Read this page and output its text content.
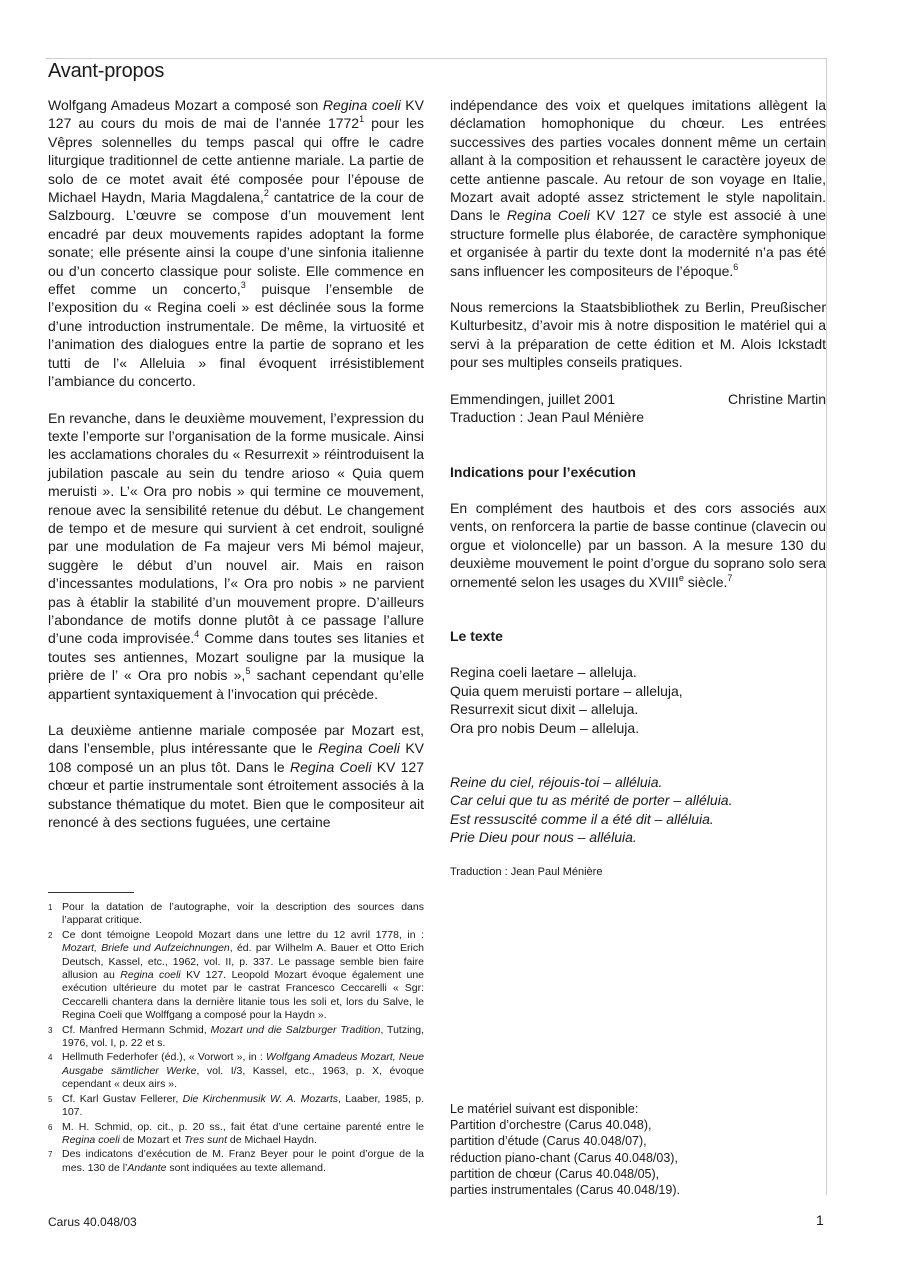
Avant-propos

Wolfgang Amadeus Mozart a composé son Regina coeli KV 127 au cours du mois de mai de l’année 1772$^1$ pour les Vêpres solennelles du temps pascal qui offre le cadre liturgique traditionnel de cette antienne mariale. La partie de solo de ce motet avait été composée pour l’épouse de Michael Haydn, Maria Magdalena,$^2$ cantatrice de la cour de Salzbourg. L’œuvre se compose d’un mouvement lent encadré par deux mouvements rapides adoptant la forme sonate; elle présente ainsi la coupe d’une sinfonia italienne ou d’un concerto classique pour soliste. Elle commence en effet comme un concerto,$^3$ puisque l’ensemble de l’exposition du « Regina coeli » est déclinée sous la forme d’une introduction instrumentale. De même, la virtuosité et l’animation des dialogues entre la partie de soprano et les tutti de l’« Alleluia » final évoquent irrésistiblement l’ambiance du concerto.

En revanche, dans le deuxième mouvement, l’expression du texte l’emporte sur l’organisation de la forme musicale. Ainsi les acclamations chorales du « Resurrexit » réintroduisent la jubilation pascale au sein du tendre arioso « Quia quem meruisti ». L’« Ora pro nobis » qui termine ce mouvement, renoue avec la sensibilité retenue du début. Le changement de tempo et de mesure qui survient à cet endroit, souligné par une modulation de Fa majeur vers Mi bémol majeur, suggère le début d’un nouvel air. Mais en raison d’incessantes modulations, l’« Ora pro nobis » ne parvient pas à établir la stabilité d’un mouvement propre. D’ailleurs l’abondance de motifs donne plutôt à ce passage l’allure d’une coda improvisée.$^4$ Comme dans toutes ses litanies et toutes ses antiennes, Mozart souligne par la musique la prière de l’ « Ora pro nobis »,$^5$ sachant cependant qu’elle appartient syntaxiquement à l’invocation qui précède.

La deuxième antienne mariale composée par Mozart est, dans l’ensemble, plus intéressante que le Regina Coeli KV 108 composé un an plus tôt. Dans le Regina Coeli KV 127 chœur et partie instrumentale sont étroitement associés à la substance thématique du motet. Bien que le compositeur ait renoncé à des sections fuguées, une certaine

indépendance des voix et quelques imitations allègent la déclamation homophonique du chœur. Les entrées successives des parties vocales donnent même un certain allant à la composition et rehaussent le caractère joyeux de cette antienne pascale. Au retour de son voyage en Italie, Mozart avait adopté assez strictement le style napolitain. Dans le Regina Coeli KV 127 ce style est associé à une structure formelle plus élaborée, de caractère symphonique et organisée à partir du texte dont la modernité n’a pas été sans influencer les compositeurs de l’époque.$^6$

Nous remercions la Staatsbibliothek zu Berlin, Preußischer Kulturbesitz, d’avoir mis à notre disposition le matériel qui a servi à la préparation de cette édition et M. Alois Ickstadt pour ses multiples conseils pratiques.

Emmendingen, juillet 2001	Christine Martin
Traduction : Jean Paul Ménière

Indications pour l’exécution

En complément des hautbois et des cors associés aux vents, on renforcera la partie de basse continue (clavecin ou orgue et violoncelle) par un basson. A la mesure 130 du deuxième mouvement le point d’orgue du soprano solo sera ornementé selon les usages du XVIIIe siècle.$^7$

Le texte

Regina coeli laetare – alleluja.
Quia quem meruisti portare – alleluja,
Resurrexit sicut dixit – alleluja.
Ora pro nobis Deum – alleluja.
Reine du ciel, réjouis-toi – alléluia.
Car celui que tu as mérité de porter – alléluia.
Est ressuscité comme il a été dit – alléluia.
Prie Dieu pour nous – alléluia.
Traduction : Jean Paul Ménière
1 Pour la datation de l’autographe, voir la description des sources dans l’apparat critique.
2 Ce dont témoigne Leopold Mozart dans une lettre du 12 avril 1778, in : Mozart, Briefe und Aufzeichnungen, éd. par Wilhelm A. Bauer et Otto Erich Deutsch, Kassel, etc., 1962, vol. II, p. 337. Le passage semble bien faire allusion au Regina coeli KV 127. Leopold Mozart évoque également une exécution ultérieure du motet par le castrat Francesco Ceccarelli « Sgr: Ceccarelli chantera dans la dernière litanie tous les soli et, lors du Salve, le Regina Coeli que Wolffgang a composé pour la Haydn ».
3 Cf. Manfred Hermann Schmid, Mozart und die Salzburger Tradition, Tutzing, 1976, vol. I, p. 22 et s.
4 Hellmuth Federhofer (éd.), « Vorwort », in : Wolfgang Amadeus Mozart, Neue Ausgabe sämtlicher Werke, vol. I/3, Kassel, etc., 1963, p. X, évoque cependant « deux airs ».
5 Cf. Karl Gustav Fellerer, Die Kirchenmusik W. A. Mozarts, Laaber, 1985, p. 107.
6 M. H. Schmid, op. cit., p. 20 ss., fait état d’une certaine parenté entre le Regina coeli de Mozart et Tres sunt de Michael Haydn.
7 Des indicatons d’exécution de M. Franz Beyer pour le point d’orgue de la mes. 130 de l’Andante sont indiquées au texte allemand.
Le matériel suivant est disponible:
Partition d’orchestre (Carus 40.048),
partition d’étude (Carus 40.048/07),
réduction piano-chant (Carus 40.048/03),
partition de chœur (Carus 40.048/05),
parties instrumentales (Carus 40.048/19).
Carus 40.048/03	1
